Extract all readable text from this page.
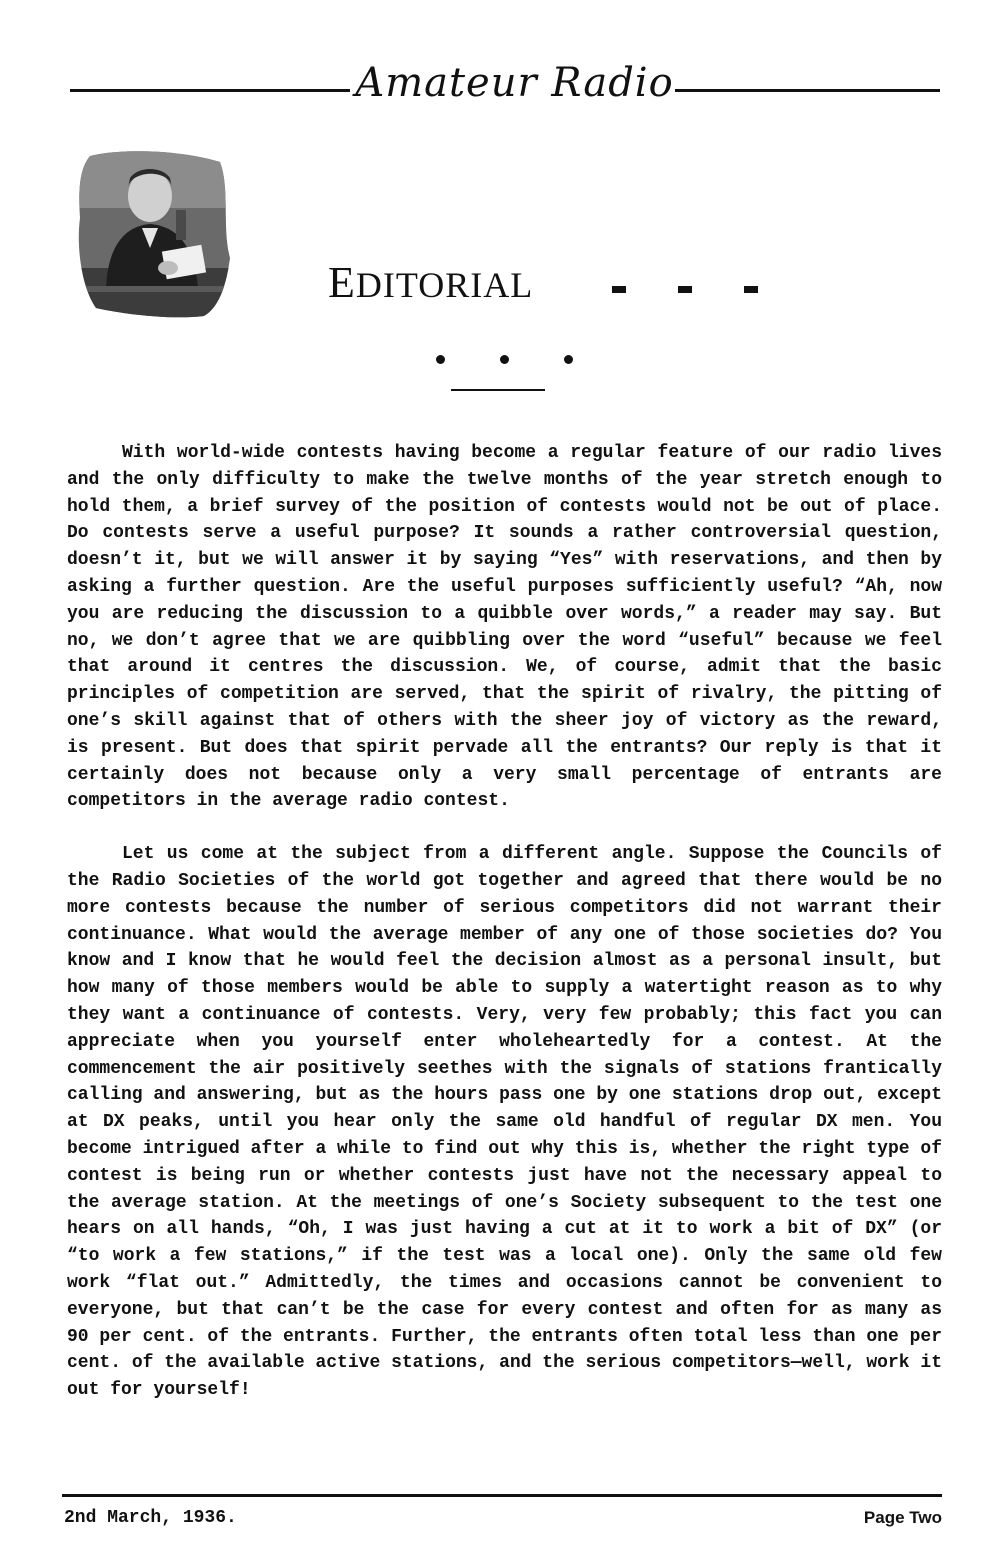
Amateur Radio
EDITORIAL

With world-wide contests having become a regular feature of our radio lives and the only difficulty to make the twelve months of the year stretch enough to hold them, a brief survey of the position of contests would not be out of place. Do contests serve a useful purpose? It sounds a rather controversial question, doesn’t it, but we will answer it by saying “Yes” with reservations, and then by asking a further question. Are the useful purposes sufficiently useful? “Ah, now you are reducing the discussion to a quibble over words,” a reader may say. But no, we don’t agree that we are quibbling over the word “useful” because we feel that around it centres the discussion. We, of course, admit that the basic principles of competition are served, that the spirit of rivalry, the pitting of one’s skill against that of others with the sheer joy of victory as the reward, is present. But does that spirit pervade all the entrants? Our reply is that it certainly does not because only a very small percentage of entrants are competitors in the average radio contest.

Let us come at the subject from a different angle. Suppose the Councils of the Radio Societies of the world got together and agreed that there would be no more contests because the number of serious competitors did not warrant their continuance. What would the average member of any one of those societies do? You know and I know that he would feel the decision almost as a personal insult, but how many of those members would be able to supply a watertight reason as to why they want a continuance of contests. Very, very few probably; this fact you can appreciate when you yourself enter wholeheartedly for a contest. At the commencement the air positively seethes with the signals of stations frantically calling and answering, but as the hours pass one by one stations drop out, except at DX peaks, until you hear only the same old handful of regular DX men. You become intrigued after a while to find out why this is, whether the right type of contest is being run or whether contests just have not the necessary appeal to the average station. At the meetings of one’s Society subsequent to the test one hears on all hands, “Oh, I was just having a cut at it to work a bit of DX” (or “to work a few stations,” if the test was a local one). Only the same old few work “flat out.” Admittedly, the times and occasions cannot be convenient to everyone, but that can’t be the case for every contest and often for as many as 90 per cent. of the entrants. Further, the entrants often total less than one per cent. of the available active stations, and the serious competitors—well, work it out for yourself!

2nd March, 1936.	Page Two
